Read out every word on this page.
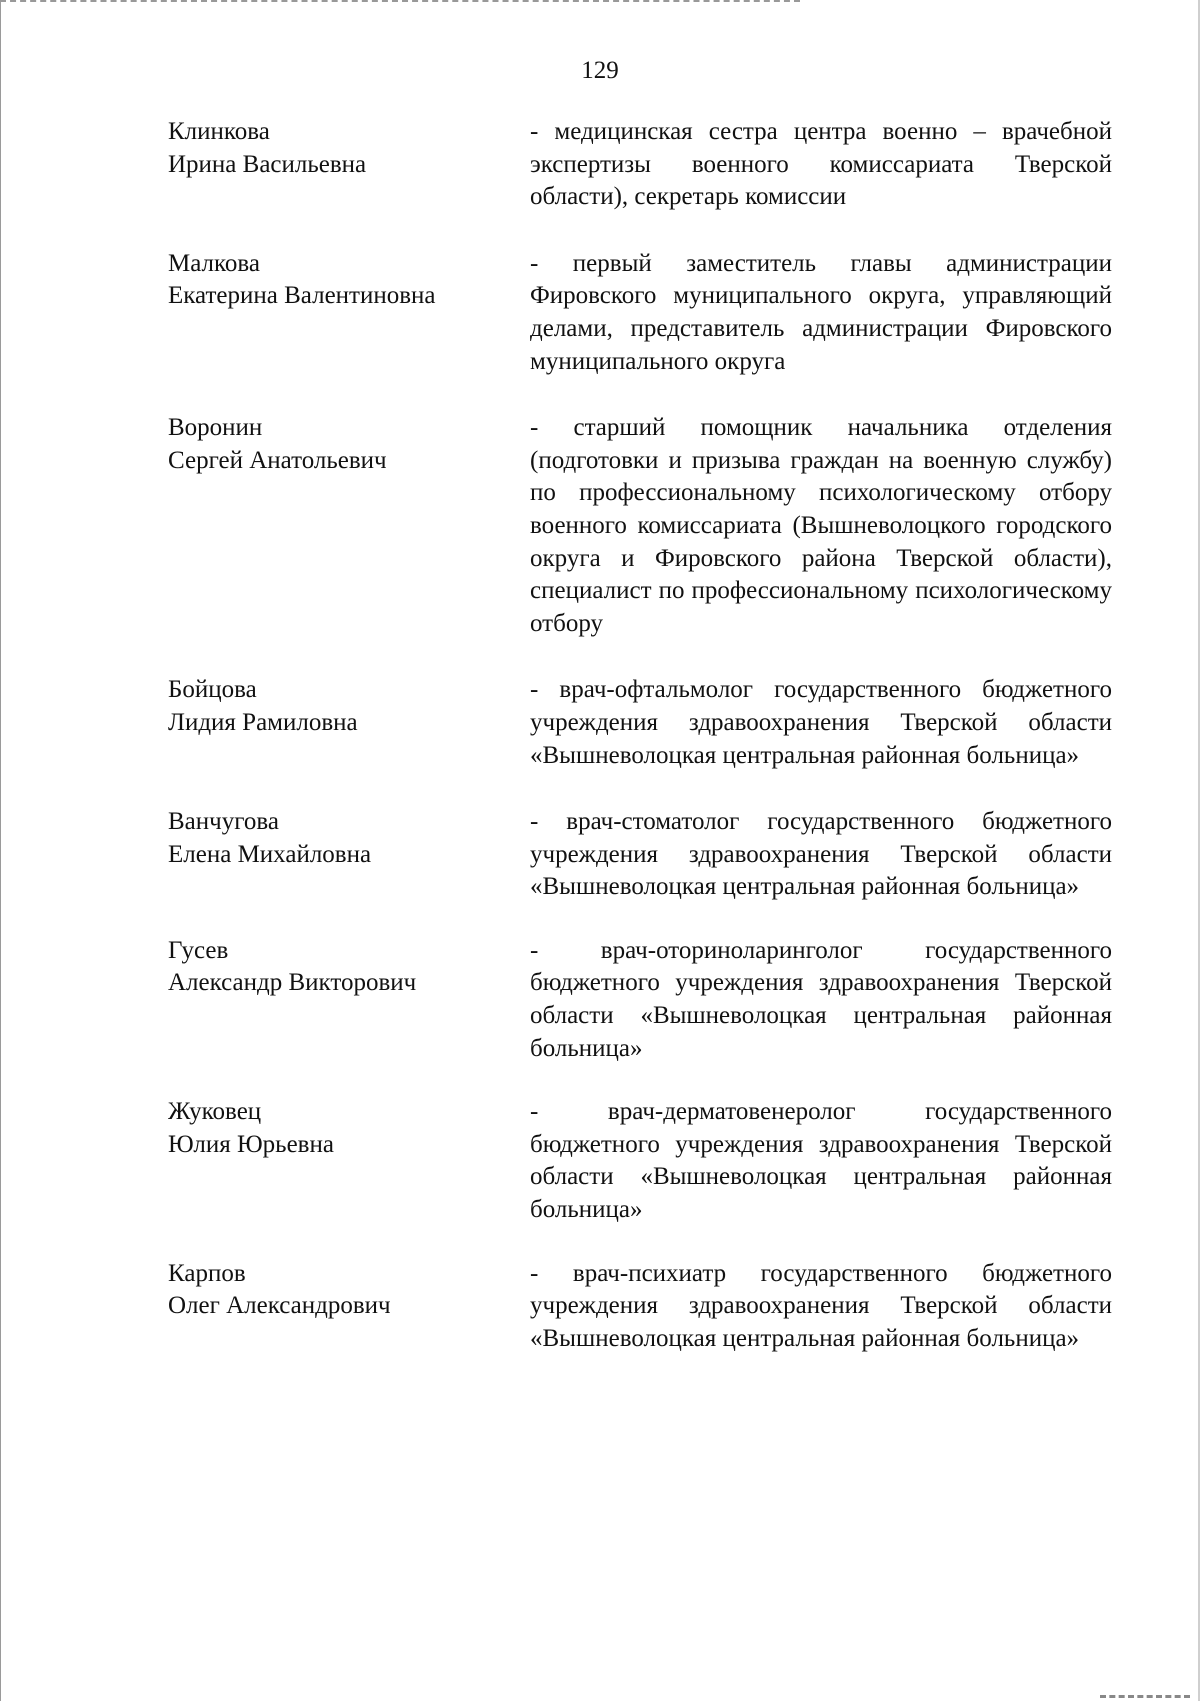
129
Клинкова
Ирина Васильевна
- медицинская сестра центра военно – врачебной экспертизы военного комиссариата Тверской области), секретарь комиссии
Малкова
Екатерина Валентиновна
- первый заместитель главы администрации Фировского муниципального округа, управляющий делами, представитель администрации Фировского муниципального округа
Воронин
Сергей Анатольевич
- старший помощник начальника отделения (подготовки и призыва граждан на военную службу) по профессиональному психологическому отбору военного комиссариата (Вышневолоцкого городского округа и Фировского района Тверской области), специалист по профессиональному психологическому отбору
Бойцова
Лидия Рамиловна
- врач-офтальмолог государственного бюджетного учреждения здравоохранения Тверской области «Вышневолоцкая центральная районная больница»
Ванчугова
Елена Михайловна
- врач-стоматолог государственного бюджетного учреждения здравоохранения Тверской области «Вышневолоцкая центральная районная больница»
Гусев
Александр Викторович
- врач-оториноларинголог государственного бюджетного учреждения здравоохранения Тверской области «Вышневолоцкая центральная районная больница»
Жуковец
Юлия Юрьевна
- врач-дерматовенеролог государственного бюджетного учреждения здравоохранения Тверской области «Вышневолоцкая центральная районная больница»
Карпов
Олег Александрович
- врач-психиатр государственного бюджетного учреждения здравоохранения Тверской области «Вышневолоцкая центральная районная больница»
